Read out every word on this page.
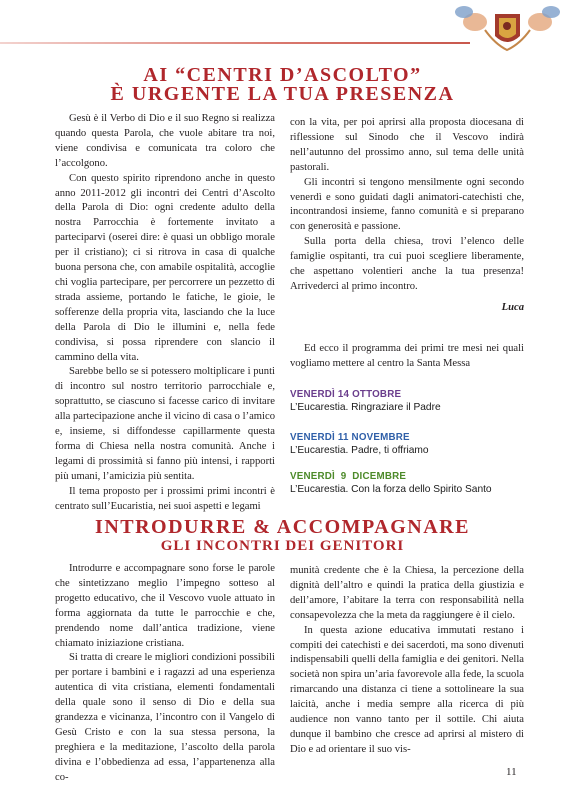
AI “CENTRI D’ASCOLTO”
È URGENTE LA TUA PRESENZA

Gesù è il Verbo di Dio e il suo Regno si realizza quando questa Parola, che vuole abitare tra noi, viene condivisa e comunicata tra coloro che l’accolgono.

Con questo spirito riprendono anche in questo anno 2011-2012 gli incontri dei Centri d’Ascolto della Parola di Dio: ogni credente adulto della nostra Parrocchia è fortemente invitato a parteciparvi (oserei dire: è quasi un obbligo morale per il cristiano); ci si ritrova in casa di qualche buona persona che, con amabile ospitalità, accoglie chi voglia partecipare, per percorrere un pezzetto di strada assieme, portando le fatiche, le gioie, le sofferenze della propria vita, lasciando che la luce della Parola di Dio le illumini e, nella fede condivisa, si possa riprendere con slancio il cammino della vita.

Sarebbe bello se si potessero moltiplicare i punti di incontro sul nostro territorio parrocchiale e, soprattutto, se ciascuno si facesse carico di invitare alla partecipazione anche il vicino di casa o l’amico e, insieme, si diffondesse capillarmente questa forma di Chiesa nella nostra comunità. Anche i legami di prossimità si fanno più intensi, i rapporti più umani, l’amicizia più sentita.

Il tema proposto per i prossimi primi incontri è centrato sull’Eucaristia, nei suoi aspetti e legami

con la vita, per poi aprirsi alla proposta diocesana di riflessione sul Sinodo che il Vescovo indirà nell’autunno del prossimo anno, sul tema delle unità pastorali.

Gli incontri si tengono mensilmente ogni secondo venerdì e sono guidati dagli animatori-catechisti che, incontrandosi insieme, fanno comunità e si preparano con generosità e passione.

Sulla porta della chiesa, trovi l’elenco delle famiglie ospitanti, tra cui puoi scegliere liberamente, che aspettano volentieri anche la tua presenza! Arrivederci al primo incontro.

Luca

Ed ecco il programma dei primi tre mesi nei quali vogliamo mettere al centro la Santa Messa

VENERDÌ 14 OTTOBRE
L’Eucarestia. Ringraziare il Padre
VENERDÌ 11 NOVEMBRE
L’Eucarestia. Padre, ti offriamo
VENERDÌ  9  DICEMBRE
L’Eucarestia. Con la forza dello Spirito Santo
INTRODURRE & ACCOMPAGNARE
GLI INCONTRI DEI GENITORI

Introdurre e accompagnare sono forse le parole che sintetizzano meglio l’impegno sotteso al progetto educativo, che il Vescovo vuole attuato in forma aggiornata da tutte le parrocchie e che, prendendo nome dall’antica tradizione, viene chiamato iniziazione cristiana.

Si tratta di creare le migliori condizioni possibili per portare i bambini e i ragazzi ad una esperienza autentica di vita cristiana, elementi fondamentali della quale sono il senso di Dio e della sua grandezza e vicinanza, l’incontro con il Vangelo di Gesù Cristo e con la sua stessa persona, la preghiera e la meditazione, l’ascolto della parola divina e l’obbedienza ad essa, l’appartenenza alla co-

munità credente che è la Chiesa, la percezione della dignità dell’altro e quindi la pratica della giustizia e dell’amore, l’abitare la terra con responsabilità nella consapevolezza che la meta da raggiungere è il cielo.

In questa azione educativa immutati restano i compiti dei catechisti e dei sacerdoti, ma sono divenuti indispensabili quelli della famiglia e dei genitori. Nella società non spira un’aria favorevole alla fede, la scuola rimarcando una distanza ci tiene a sottolineare la sua laicità, anche i media sempre alla ricerca di più audience non vanno tanto per il sottile. Chi aiuta dunque il bambino che cresce ad aprirsi al mistero di Dio e ad orientare il suo vis-

11
